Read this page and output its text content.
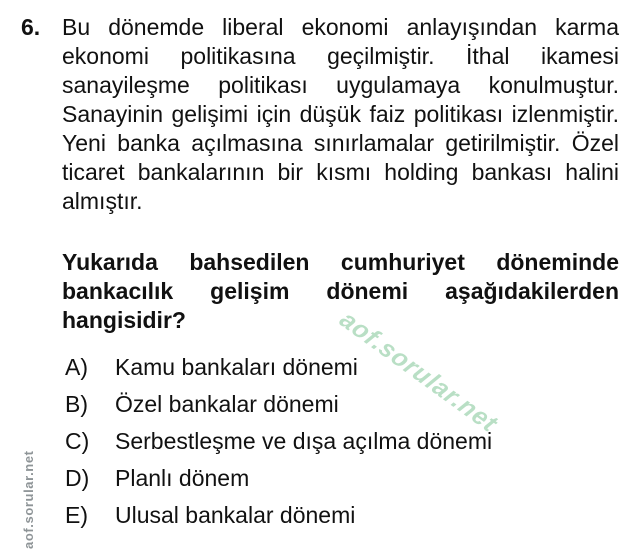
6. Bu dönemde liberal ekonomi anlayışından karma ekonomi politikasına geçilmiştir. İthal ikamesi sanayileşme politikası uygulamaya konulmuştur. Sanayinin gelişimi için düşük faiz politikası izlenmiştir. Yeni banka açılmasına sınırlamalar getirilmiştir. Özel ticaret bankalarının bir kısmı holding bankası halini almıştır.
Yukarıda bahsedilen cumhuriyet döneminde bankacılık gelişim dönemi aşağıdakilerden hangisidir?
A)	Kamu bankaları dönemi
B)	Özel bankalar dönemi
C)	Serbestleşme ve dışa açılma dönemi
D)	Planlı dönem
E)	Ulusal bankalar dönemi
aof.sorular.net
aof.sorular.net
